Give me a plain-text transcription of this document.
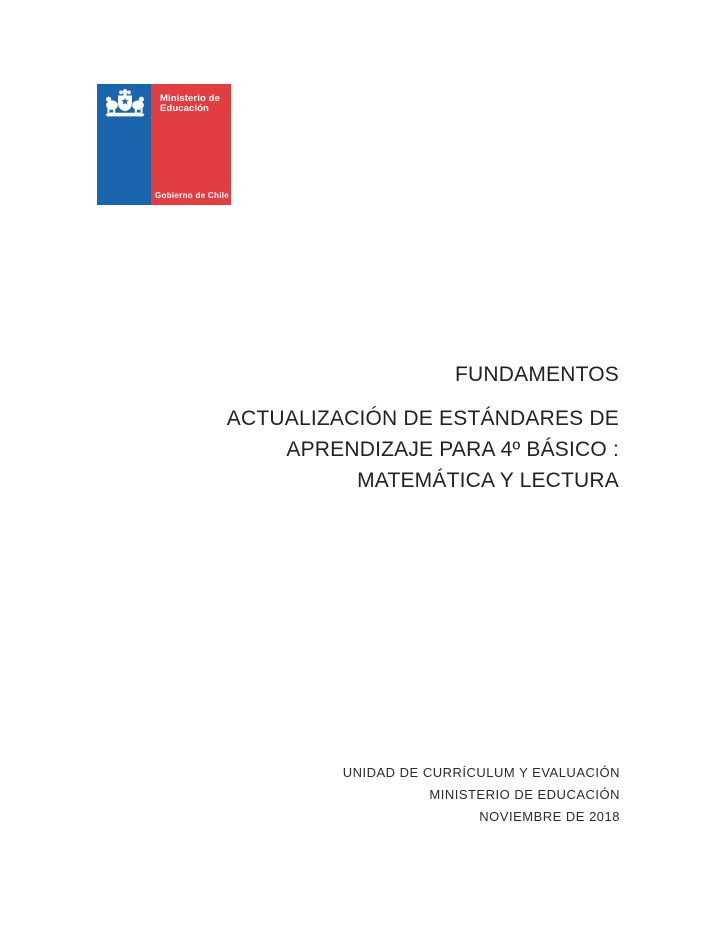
Ministerio de
Educación
Gobierno de Chile
FUNDAMENTOS
ACTUALIZACIÓN DE ESTÁNDARES DE
APRENDIZAJE PARA 4º BÁSICO :
MATEMÁTICA Y LECTURA
UNIDAD DE CURRÍCULUM Y EVALUACIÓN
MINISTERIO DE EDUCACIÓN
NOVIEMBRE DE 2018
